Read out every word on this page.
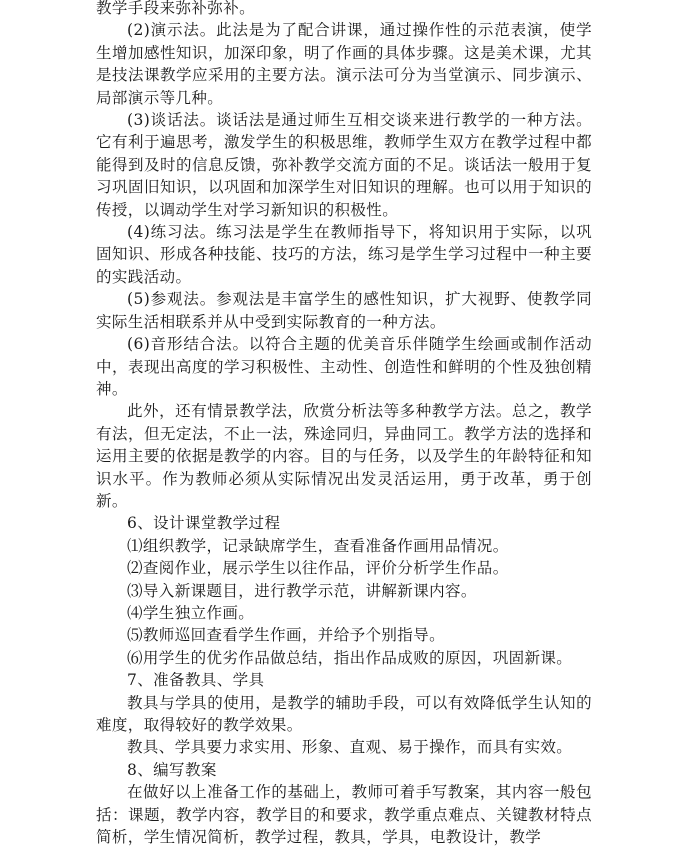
教学手段来弥补弥补。

(2)演示法。此法是为了配合讲课，通过操作性的示范表演，使学生增加感性知识，加深印象，明了作画的具体步骤。这是美术课，尤其是技法课教学应采用的主要方法。演示法可分为当堂演示、同步演示、局部演示等几种。

(3)谈话法。谈话法是通过师生互相交谈来进行教学的一种方法。它有利于遍思考，激发学生的积极思维，教师学生双方在教学过程中都能得到及时的信息反馈，弥补教学交流方面的不足。谈话法一般用于复习巩固旧知识，以巩固和加深学生对旧知识的理解。也可以用于知识的传授，以调动学生对学习新知识的积极性。

(4)练习法。练习法是学生在教师指导下，将知识用于实际，以巩固知识、形成各种技能、技巧的方法，练习是学生学习过程中一种主要的实践活动。

(5)参观法。参观法是丰富学生的感性知识，扩大视野、使教学同实际生活相联系并从中受到实际教育的一种方法。

(6)音形结合法。以符合主题的优美音乐伴随学生绘画或制作活动中，表现出高度的学习积极性、主动性、创造性和鲜明的个性及独创精神。

此外，还有情景教学法，欣赏分析法等多种教学方法。总之，教学有法，但无定法，不止一法，殊途同归，异曲同工。教学方法的选择和运用主要的依据是教学的内容。目的与任务，以及学生的年龄特征和知识水平。作为教师必须从实际情况出发灵活运用，勇于改革，勇于创新。

6、设计课堂教学过程

⑴组织教学，记录缺席学生，查看准备作画用品情况。

⑵查阅作业，展示学生以往作品，评价分析学生作品。

⑶导入新课题目，进行教学示范，讲解新课内容。

⑷学生独立作画。

⑸教师巡回查看学生作画，并给予个别指导。

⑹用学生的优劣作品做总结，指出作品成败的原因，巩固新课。

7、准备教具、学具

教具与学具的使用，是教学的辅助手段，可以有效降低学生认知的难度，取得较好的教学效果。

教具、学具要力求实用、形象、直观、易于操作，而具有实效。

8、编写教案

在做好以上准备工作的基础上，教师可着手写教案，其内容一般包括：课题，教学内容，教学目的和要求，教学重点难点、关键教材特点简析，学生情况简析，教学过程，教具，学具，电教设计，教学
